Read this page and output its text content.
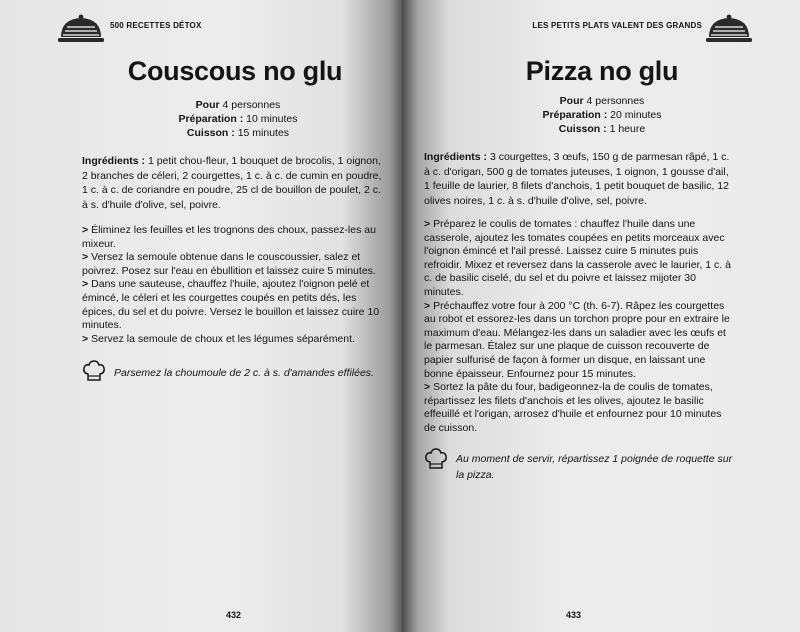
500 RECETTES DÉTOX
Couscous no glu
Pour 4 personnes
Préparation : 10 minutes
Cuisson : 15 minutes
Ingrédients : 1 petit chou-fleur, 1 bouquet de brocolis, 1 oignon, 2 branches de céleri, 2 courgettes, 1 c. à c. de cumin en poudre, 1 c. à c. de coriandre en poudre, 25 cl de bouillon de poulet, 2 c. à s. d'huile d'olive, sel, poivre.

> Éliminez les feuilles et les trognons des choux, passez-les au mixeur.

> Versez la semoule obtenue dans le couscoussier, salez et poivrez. Posez sur l'eau en ébullition et laissez cuire 5 minutes.

> Dans une sauteuse, chauffez l'huile, ajoutez l'oignon pelé et émincé, le céleri et les courgettes coupés en petits dés, les épices, du sel et du poivre. Versez le bouillon et laissez cuire 10 minutes.

> Servez la semoule de choux et les légumes séparément.

Parsemez la choumoule de 2 c. à s. d'amandes effilées.
432
LES PETITS PLATS VALENT DES GRANDS
Pizza no glu
Pour 4 personnes
Préparation : 20 minutes
Cuisson : 1 heure
Ingrédients : 3 courgettes, 3 œufs, 150 g de parmesan râpé, 1 c. à c. d'origan, 500 g de tomates juteuses, 1 oignon, 1 gousse d'ail, 1 feuille de laurier, 8 filets d'anchois, 1 petit bouquet de basilic, 12 olives noires, 1 c. à s. d'huile d'olive, sel, poivre.

> Préparez le coulis de tomates : chauffez l'huile dans une casserole, ajoutez les tomates coupées en petits morceaux avec l'oignon émincé et l'ail pressé. Laissez cuire 5 minutes puis refroidir. Mixez et reversez dans la casserole avec le laurier, 1 c. à c. de basilic ciselé, du sel et du poivre et laissez mijoter 30 minutes.

> Préchauffez votre four à 200 °C (th. 6-7). Râpez les courgettes au robot et essorez-les dans un torchon propre pour en extraire le maximum d'eau. Mélangez-les dans un saladier avec les œufs et le parmesan. Étalez sur une plaque de cuisson recouverte de papier sulfurisé de façon à former un disque, en laissant une bonne épaisseur. Enfournez pour 15 minutes.

> Sortez la pâte du four, badigeonnez-la de coulis de tomates, répartissez les filets d'anchois et les olives, ajoutez le basilic effeuillé et l'origan, arrosez d'huile et enfournez pour 10 minutes de cuisson.

Au moment de servir, répartissez 1 poignée de roquette sur la pizza.
433
